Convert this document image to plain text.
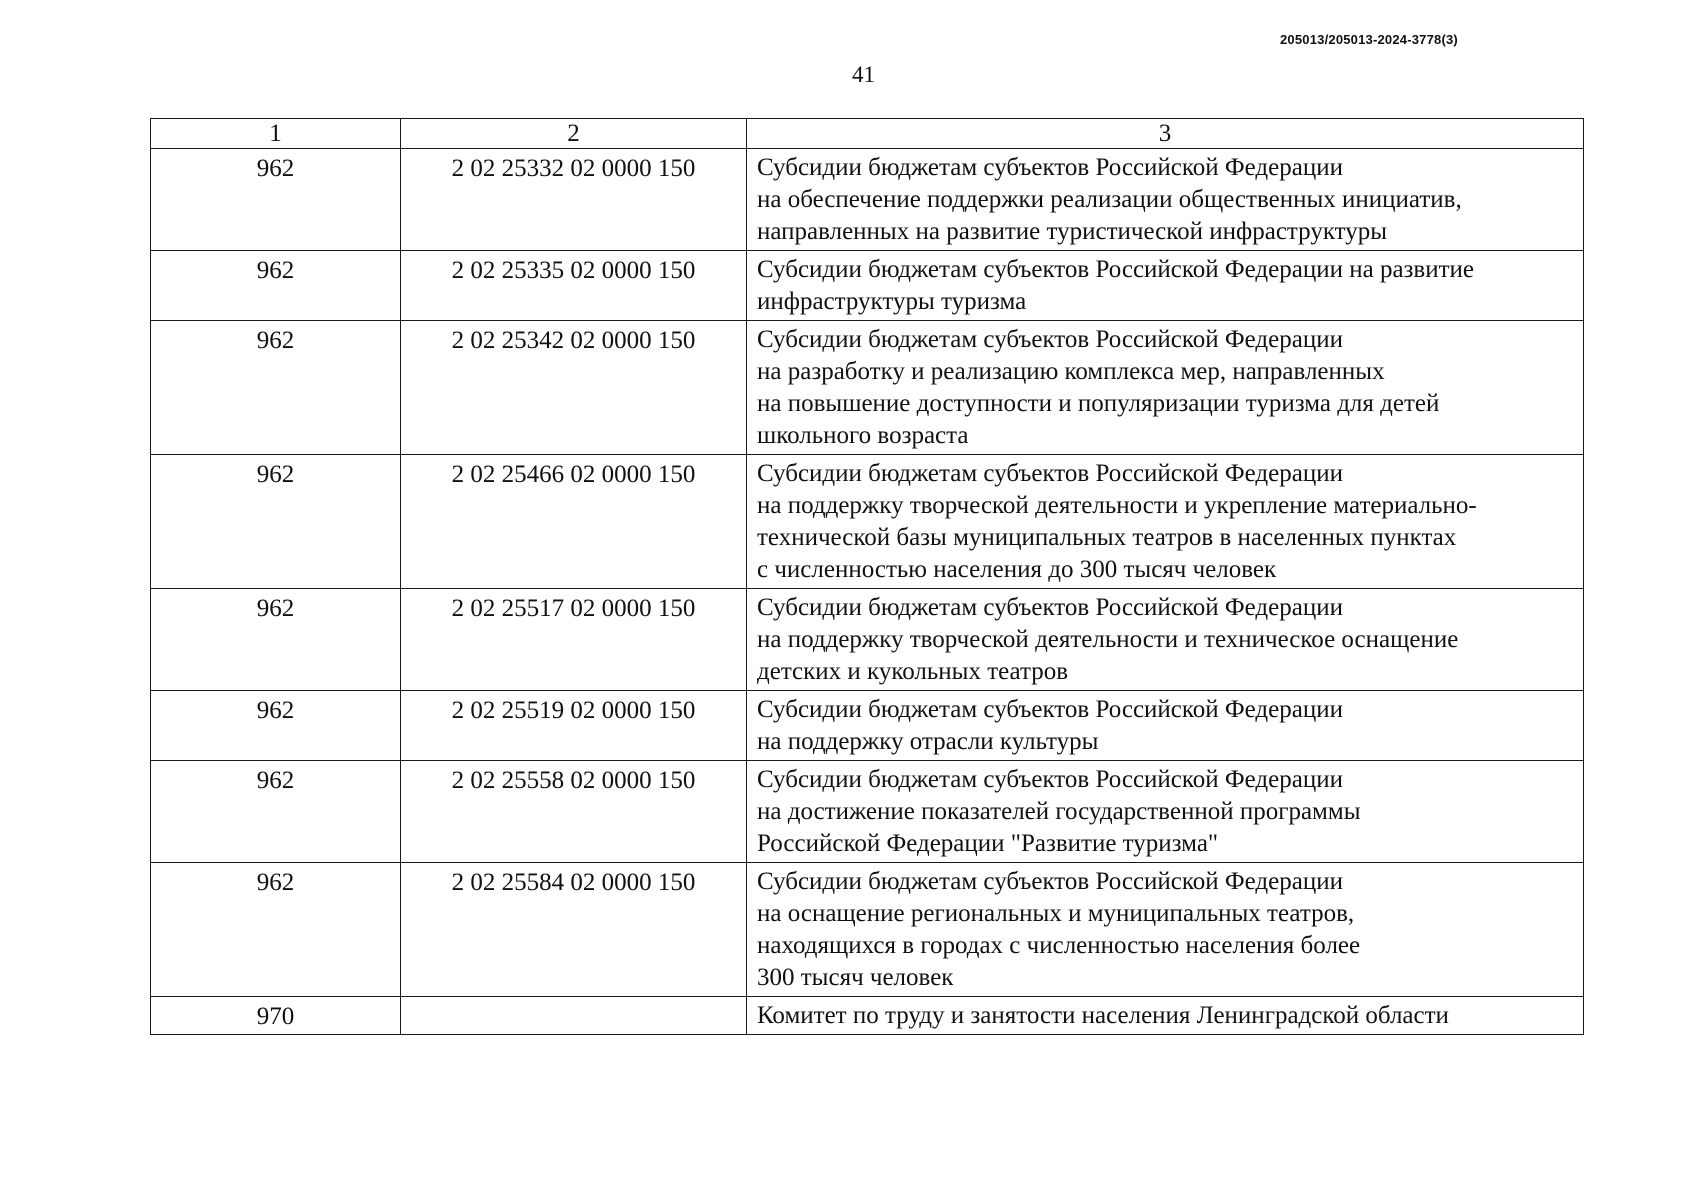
205013/205013-2024-3778(3)
41
1	2	3
962	2 02 25332 02 0000 150	Субсидии бюджетам субъектов Российской Федерации
на обеспечение поддержки реализации общественных инициатив,
направленных на развитие туристической инфраструктуры

962	2 02 25335 02 0000 150	Субсидии бюджетам субъектов Российской Федерации на развитие
инфраструктуры туризма

962	2 02 25342 02 0000 150	Субсидии бюджетам субъектов Российской Федерации
на разработку и реализацию комплекса мер, направленных
на повышение доступности и популяризации туризма для детей
школьного возраста

962	2 02 25466 02 0000 150	Субсидии бюджетам субъектов Российской Федерации
на поддержку творческой деятельности и укрепление материально-
технической базы муниципальных театров в населенных пунктах
с численностью населения до 300 тысяч человек

962	2 02 25517 02 0000 150	Субсидии бюджетам субъектов Российской Федерации
на поддержку творческой деятельности и техническое оснащение
детских и кукольных театров

962	2 02 25519 02 0000 150	Субсидии бюджетам субъектов Российской Федерации
на поддержку отрасли культуры

962	2 02 25558 02 0000 150	Субсидии бюджетам субъектов Российской Федерации
на достижение показателей государственной программы
Российской Федерации "Развитие туризма"

962	2 02 25584 02 0000 150	Субсидии бюджетам субъектов Российской Федерации
на оснащение региональных и муниципальных театров,
находящихся в городах с численностью населения более
300 тысяч человек

970		Комитет по труду и занятости населения Ленинградской области
